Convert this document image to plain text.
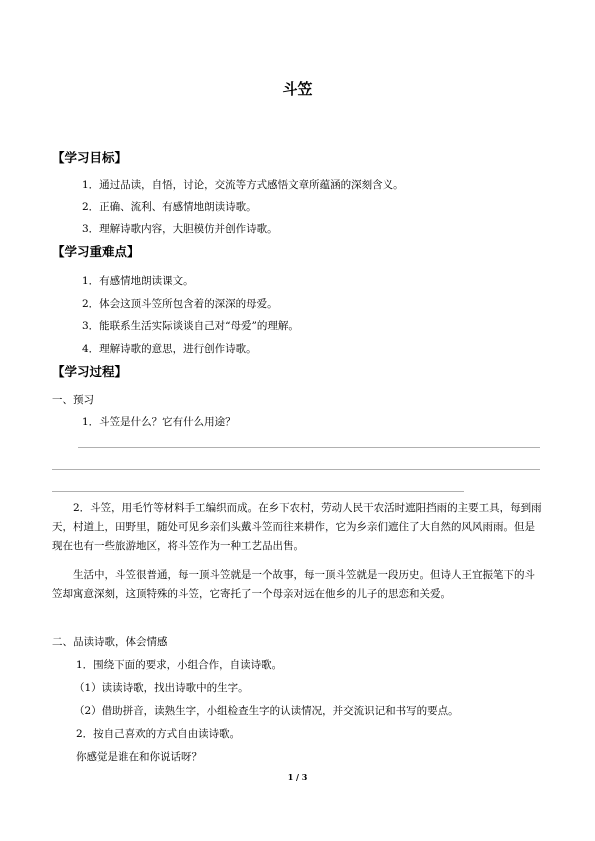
斗笠
【学习目标】
1．通过品读，自悟，讨论，交流等方式感悟文章所蕴涵的深刻含义。
2．正确、流利、有感情地朗读诗歌。
3．理解诗歌内容，大胆模仿并创作诗歌。
【学习重难点】
1．有感情地朗读课文。
2．体会这顶斗笠所包含着的深深的母爱。
3．能联系生活实际谈谈自己对“母爱”的理解。
4．理解诗歌的意思，进行创作诗歌。
【学习过程】
一、预习
1．斗笠是什么？它有什么用途？
2．斗笠，用毛竹等材料手工编织而成。在乡下农村，劳动人民干农活时遮阳挡雨的主要工具，每到雨天，村道上，田野里，随处可见乡亲们头戴斗笠而往来耕作，它为乡亲们遮住了大自然的风风雨雨。但是现在也有一些旅游地区，将斗笠作为一种工艺品出售。
生活中，斗笠很普通，每一顶斗笠就是一个故事，每一顶斗笠就是一段历史。但诗人王宜振笔下的斗笠却寓意深刻，这顶特殊的斗笠，它寄托了一个母亲对远在他乡的儿子的思恋和关爱。
二、品读诗歌，体会情感
1．围绕下面的要求，小组合作，自读诗歌。
（1）读读诗歌，找出诗歌中的生字。
（2）借助拼音，读熟生字，小组检查生字的认读情况，并交流识记和书写的要点。
2．按自己喜欢的方式自由读诗歌。
你感觉是谁在和你说话呀？
1 / 3
